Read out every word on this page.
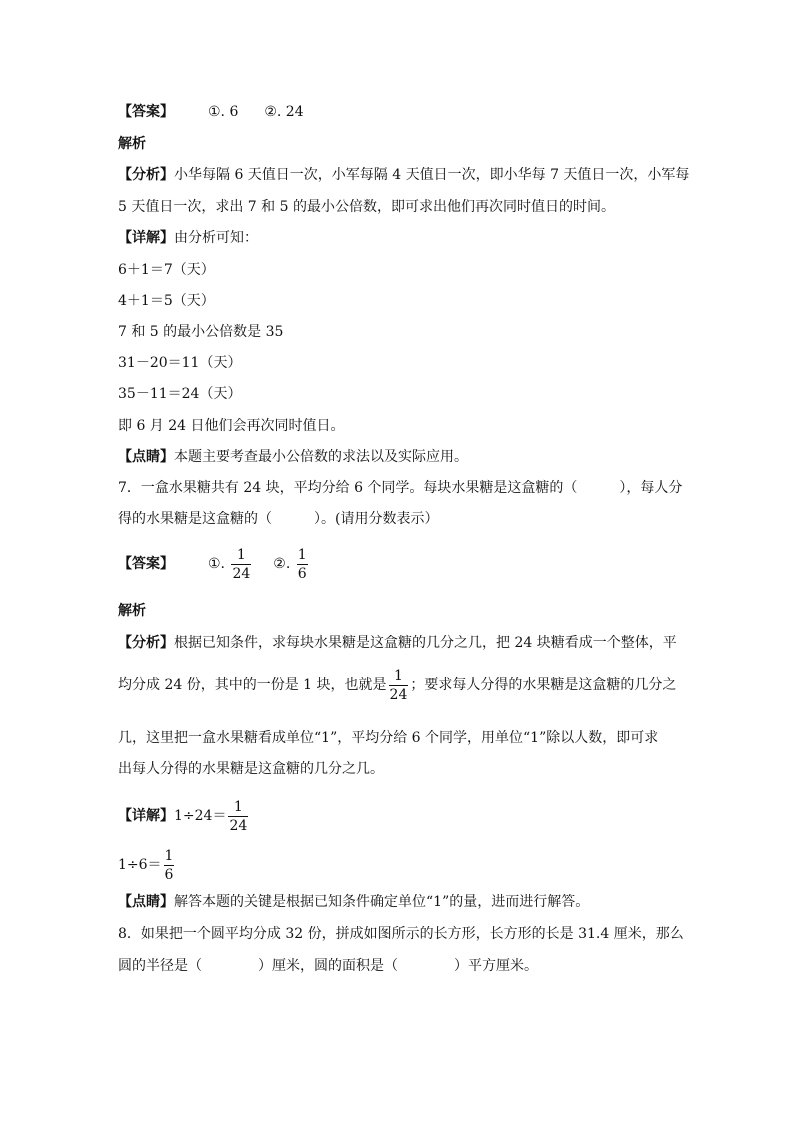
【答案】 ①. 6 ②. 24
解析
【分析】小华每隔 6 天值日一次，小军每隔 4 天值日一次，即小华每 7 天值日一次，小军每
5 天值日一次，求出 7 和 5 的最小公倍数，即可求出他们再次同时值日的时间。
【详解】由分析可知：
6＋1＝7（天）
4＋1＝5（天）
7 和 5 的最小公倍数是 35
31－20＝11（天）
35－11＝24（天）
即 6 月 24 日他们会再次同时值日。
【点睛】本题主要考查最小公倍数的求法以及实际应用。
7．一盒水果糖共有 24 块，平均分给 6 个同学。每块水果糖是这盒糖的（　　　），每人分
得的水果糖是这盒糖的（　　　）。(请用分数表示）
【答案】 ①. $\frac{1}{24}$ ②. $\frac{1}{6}$
解析
【分析】根据已知条件，求每块水果糖是这盒糖的几分之几，把 24 块糖看成一个整体，平
均分成 24 份，其中的一份是 1 块，也就是 $\frac{1}{24}$ ；要求每人分得的水果糖是这盒糖的几分之
几，这里把一盒水果糖看成单位“1”，平均分给 6 个同学，用单位“1”除以人数，即可求
出每人分得的水果糖是这盒糖的几分之几。
【详解】$1\div 24= \frac{1}{24}$
$1\div 6= \frac{1}{6}$
【点睛】解答本题的关键是根据已知条件确定单位“1”的量，进而进行解答。
8．如果把一个圆平均分成 32 份，拼成如图所示的长方形，长方形的长是 31.4 厘米，那么
圆的半径是（　　　　）厘米，圆的面积是（　　　　）平方厘米。
